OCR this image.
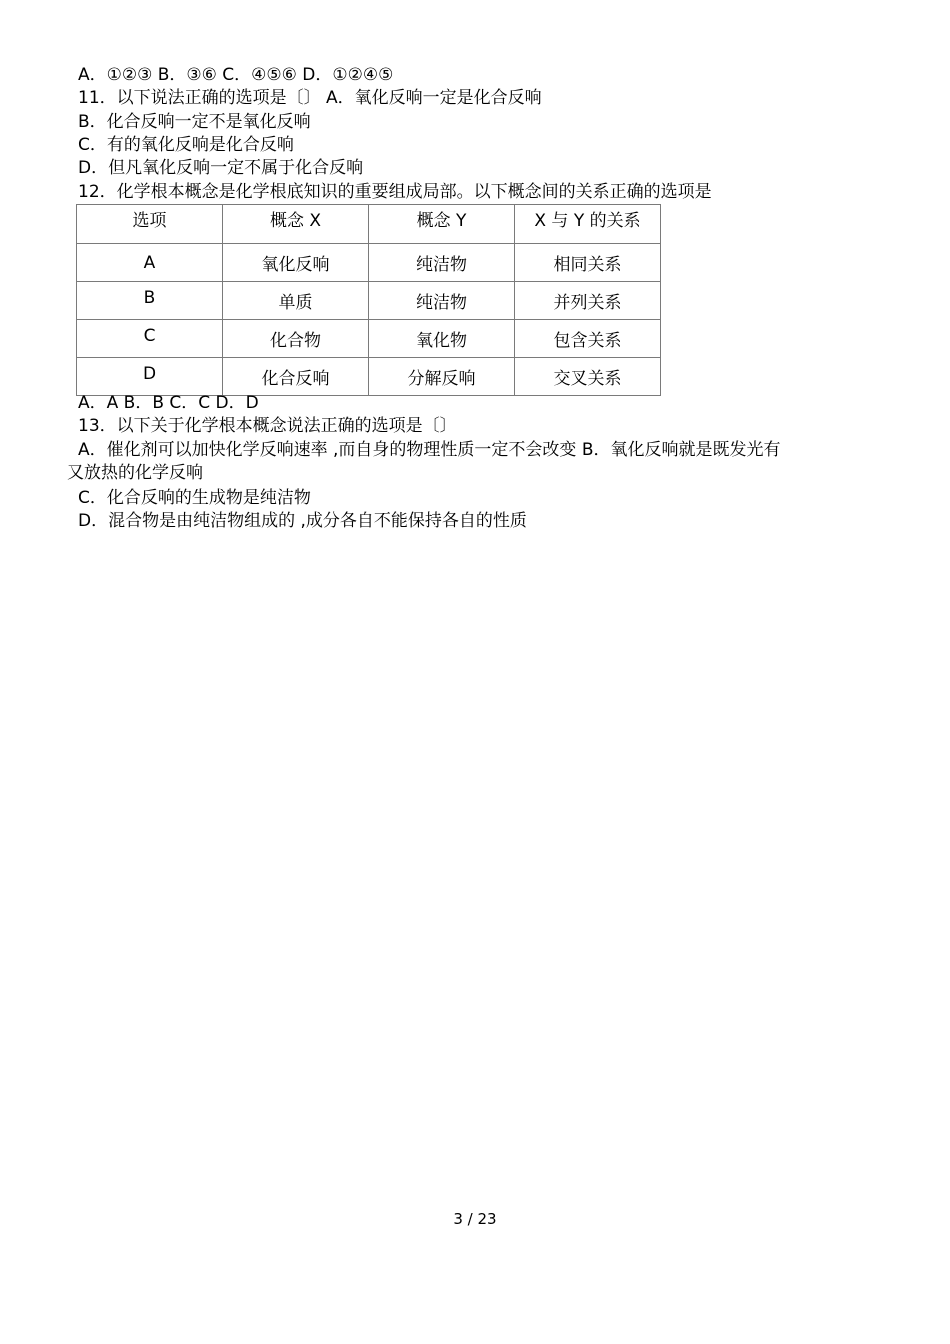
A．①②③ B．③⑥ C．④⑤⑥ D．①②④⑤
11．以下说法正确的选项是〔〕 A．氧化反响一定是化合反响
B．化合反响一定不是氧化反响
C．有的氧化反响是化合反响
D．但凡氧化反响一定不属于化合反响
12．化学根本概念是化学根底知识的重要组成局部。以下概念间的关系正确的选项是
选项	概念 X	概念 Y	X 与 Y 的关系
A	氧化反响	纯洁物	相同关系
B	单质	纯洁物	并列关系
C	化合物	氧化物	包含关系
D	化合反响	分解反响	交叉关系
A．A B．B C．C D．D
13．以下关于化学根本概念说法正确的选项是〔〕
A．催化剂可以加快化学反响速率 ,而自身的物理性质一定不会改变 B．氧化反响就是既发光有
又放热的化学反响
C．化合反响的生成物是纯洁物
D．混合物是由纯洁物组成的 ,成分各自不能保持各自的性质
3 / 23
